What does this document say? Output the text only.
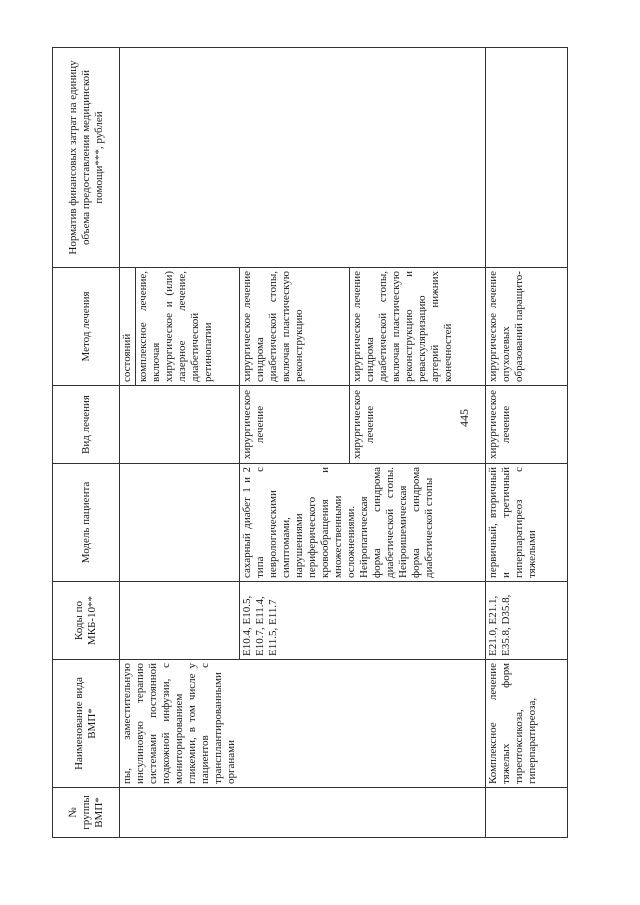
445
№ группы ВМП*	Наименование вида ВМП*	Коды по МКБ-10**	Модель пациента	Вид лечения	Метод лечения	Норматив финансовых затрат на единицу объема предоставления медицинской помощи***, рублей
	пы, заместительную инсулиновую терапию системами постоянной подкожной инфузии, с мониторированием гликемии, в том числе у пациентов с трансплантированными органами				состояний комплексное лечение, включая хирургическое и (или) лазерное лечение, диабетической ретинопатии	
		E10.4, E10.5, E10.7, E11.4, E11.5, E11.7	сахарный диабет 1 и 2 типа с неврологическими симптомами, нарушениями периферического кровообращения и множественными осложнениями. Нейропатическая форма синдрома диабетической стопы. Нейроишемическая форма синдрома диабетической стопы	хирургическое лечение	хирургическое лечение синдрома диабетической стопы, включая пластическую реконструкцию	
				хирургическое лечение	хирургическое лечение синдрома диабетической стопы, включая пластическую реконструкцию и реваскуляризацию артерий нижних конечностей	
	Комплексное лечение тяжелых форм тиреотоксикоза, гиперпаратиреоза,	E21.0, E21.1, E35.8, D35.8,	первичный, вторичный и третичный гиперпаратиреоз с тяжелыми	хирургическое лечение	хирургическое лечение опухолевых образований паращито-	
